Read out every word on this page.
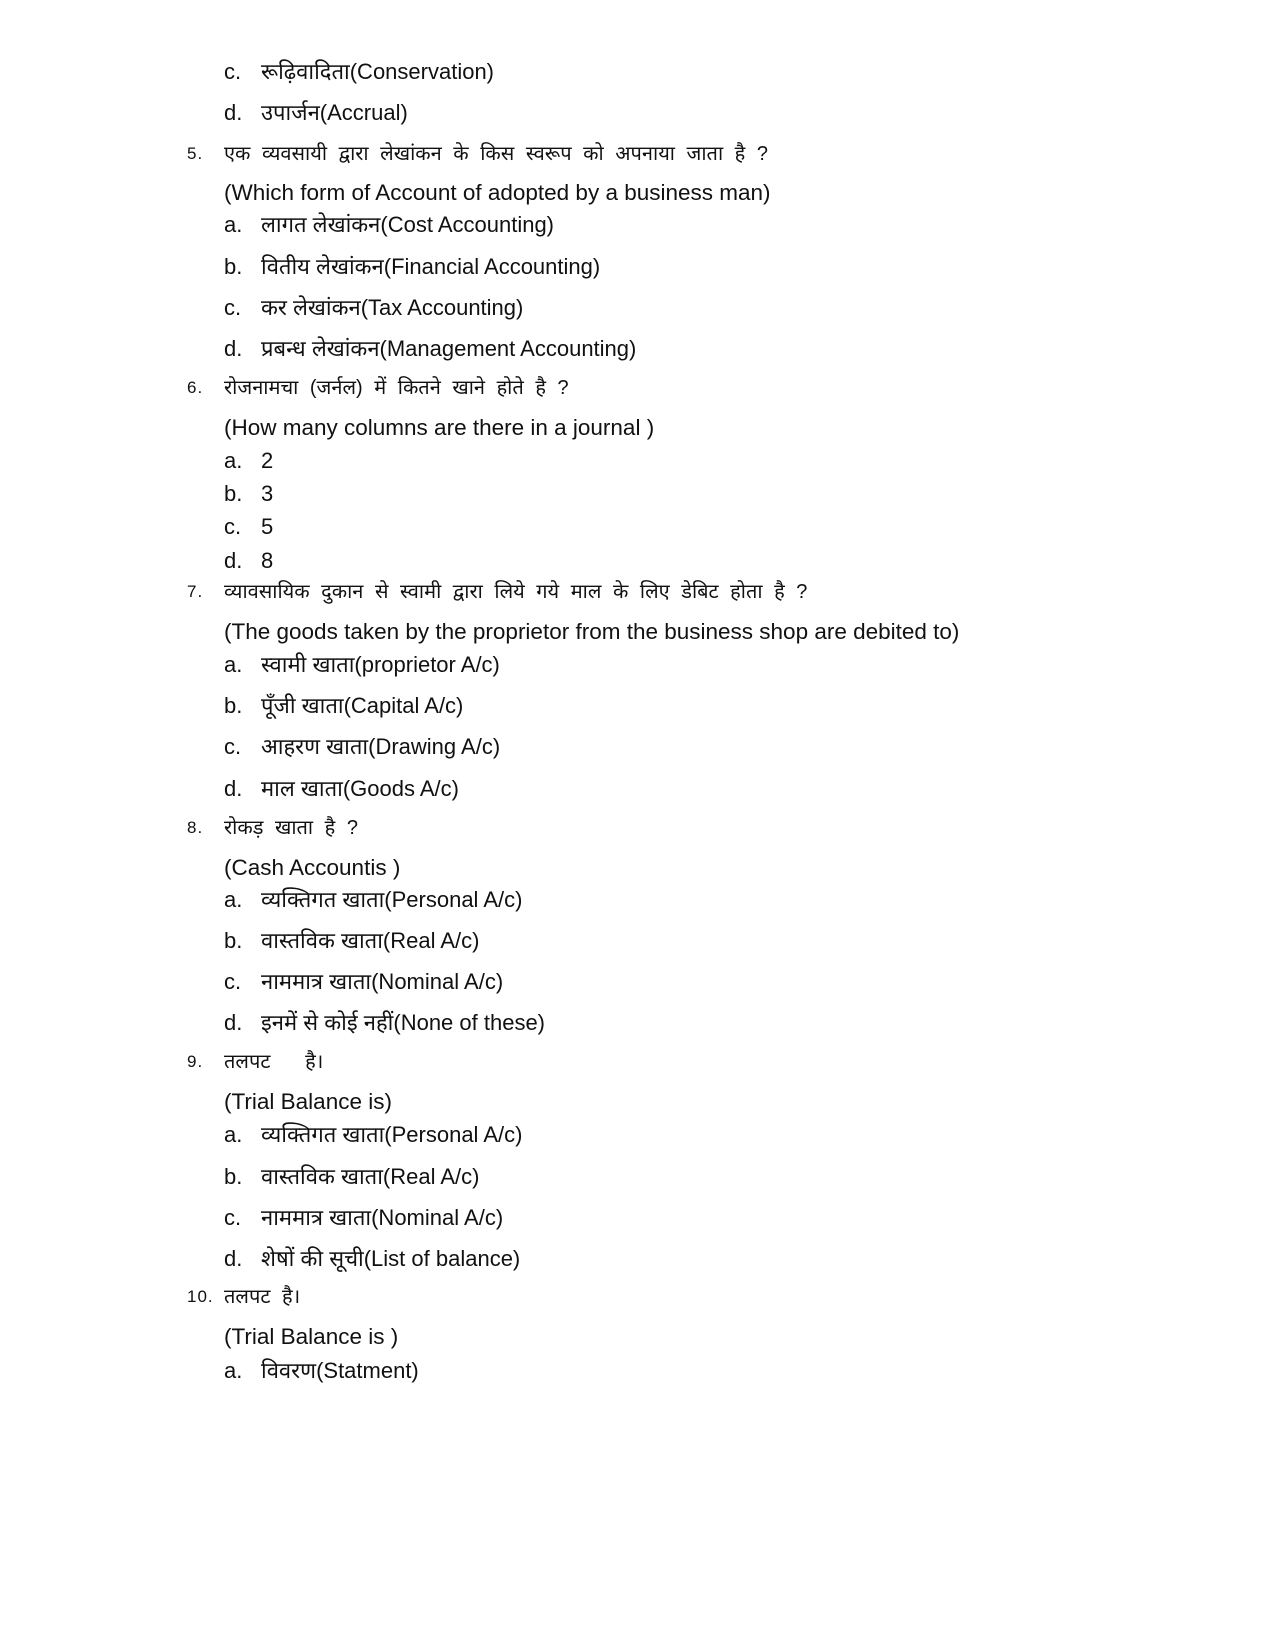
c. रूढ़िवादिता(Conservation)
d. उपार्जन(Accrual)
5. एक व्यवसायी द्वारा लेखांकन के किस स्वरूप को अपनाया जाता है ?
(Which form of Account of adopted by a business man)
a. लागत लेखांकन(Cost Accounting)
b. वितीय लेखांकन(Financial Accounting)
c. कर लेखांकन(Tax Accounting)
d. प्रबन्ध लेखांकन(Management Accounting)
6. रोजनामचा (जर्नल) में कितने खाने होते है ?
(How many columns are there in a journal )
a. 2
b. 3
c. 5
d. 8
7. व्यावसायिक दुकान से स्वामी द्वारा लिये गये माल के लिए डेबिट होता है ?
(The goods taken by the proprietor from the business shop are debited to)
a. स्वामी खाता(proprietor A/c)
b. पूँजी खाता(Capital A/c)
c. आहरण खाता(Drawing A/c)
d. माल खाता(Goods A/c)
8. रोकड़ खाता है ?
(Cash Accountis )
a. व्यक्तिगत खाता(Personal A/c)
b. वास्तविक खाता(Real A/c)
c. नाममात्र खाता(Nominal A/c)
d. इनमें से कोई नहीं(None of these)
9. तलपट   है।
(Trial Balance is)
a. व्यक्तिगत खाता(Personal A/c)
b. वास्तविक खाता(Real A/c)
c. नाममात्र खाता(Nominal A/c)
d. शेषों की सूची(List of balance)
10. तलपट है।
(Trial Balance is )
a. विवरण(Statment)
